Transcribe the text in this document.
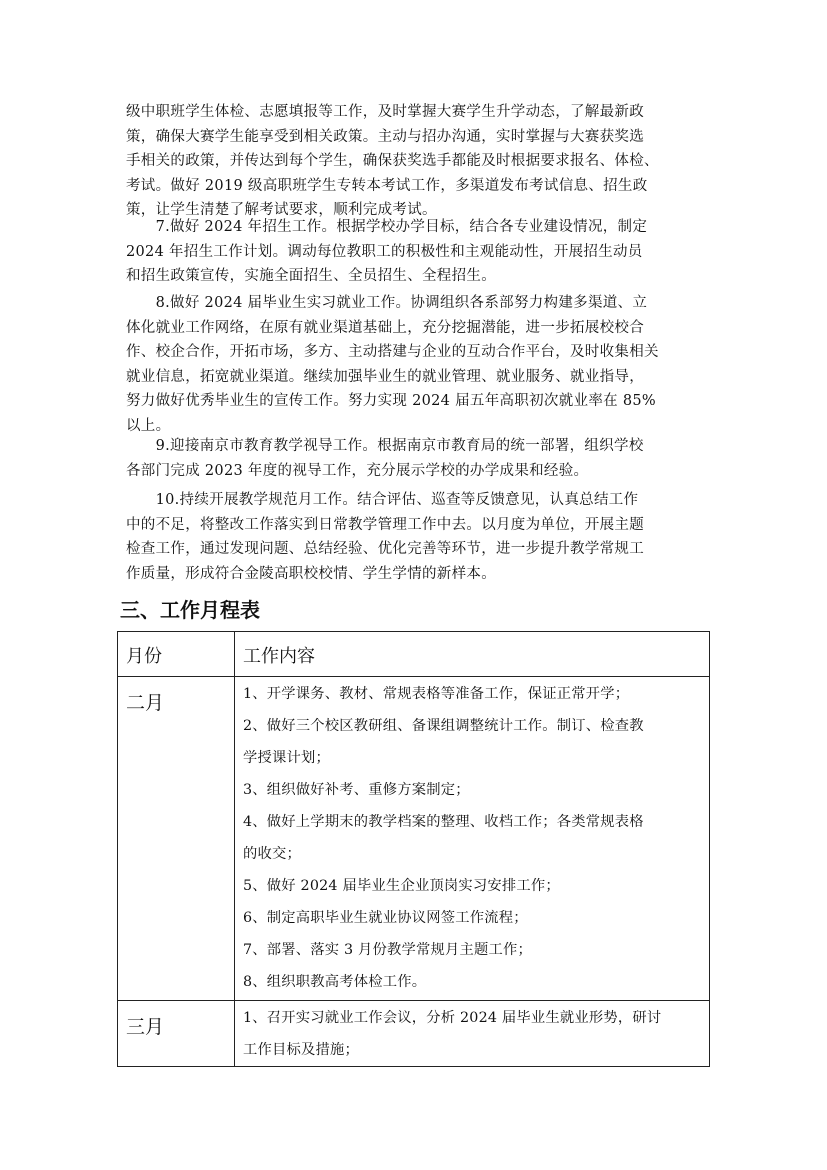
级中职班学生体检、志愿填报等工作，及时掌握大赛学生升学动态，了解最新政
策，确保大赛学生能享受到相关政策。主动与招办沟通，实时掌握与大赛获奖选
手相关的政策，并传达到每个学生，确保获奖选手都能及时根据要求报名、体检、
考试。做好 2019 级高职班学生专转本考试工作，多渠道发布考试信息、招生政
策，让学生清楚了解考试要求，顺利完成考试。
　　7.做好 2024 年招生工作。根据学校办学目标，结合各专业建设情况，制定
2024 年招生工作计划。调动每位教职工的积极性和主观能动性，开展招生动员
和招生政策宣传，实施全面招生、全员招生、全程招生。
　　8.做好 2024 届毕业生实习就业工作。协调组织各系部努力构建多渠道、立
体化就业工作网络，在原有就业渠道基础上，充分挖掘潜能，进一步拓展校校合
作、校企合作，开拓市场，多方、主动搭建与企业的互动合作平台，及时收集相关
就业信息，拓宽就业渠道。继续加强毕业生的就业管理、就业服务、就业指导，
努力做好优秀毕业生的宣传工作。努力实现 2024 届五年高职初次就业率在 85%
以上。
　　9.迎接南京市教育教学视导工作。根据南京市教育局的统一部署，组织学校
各部门完成 2023 年度的视导工作，充分展示学校的办学成果和经验。
　　10.持续开展教学规范月工作。结合评估、巡查等反馈意见，认真总结工作
中的不足，将整改工作落实到日常教学管理工作中去。以月度为单位，开展主题
检查工作，通过发现问题、总结经验、优化完善等环节，进一步提升教学常规工
作质量，形成符合金陵高职校校情、学生学情的新样本。
三、工作月程表
月份	工作内容
二月	1、开学课务、教材、常规表格等准备工作，保证正常开学；
2、做好三个校区教研组、备课组调整统计工作。制订、检查教
学授课计划；
3、组织做好补考、重修方案制定；
4、做好上学期末的教学档案的整理、收档工作；各类常规表格
的收交；
5、做好 2024 届毕业生企业顶岗实习安排工作；
6、制定高职毕业生就业协议网签工作流程；
7、部署、落实 3 月份教学常规月主题工作；
8、组织职教高考体检工作。
三月	1、召开实习就业工作会议，分析 2024 届毕业生就业形势，研讨
工作目标及措施；
